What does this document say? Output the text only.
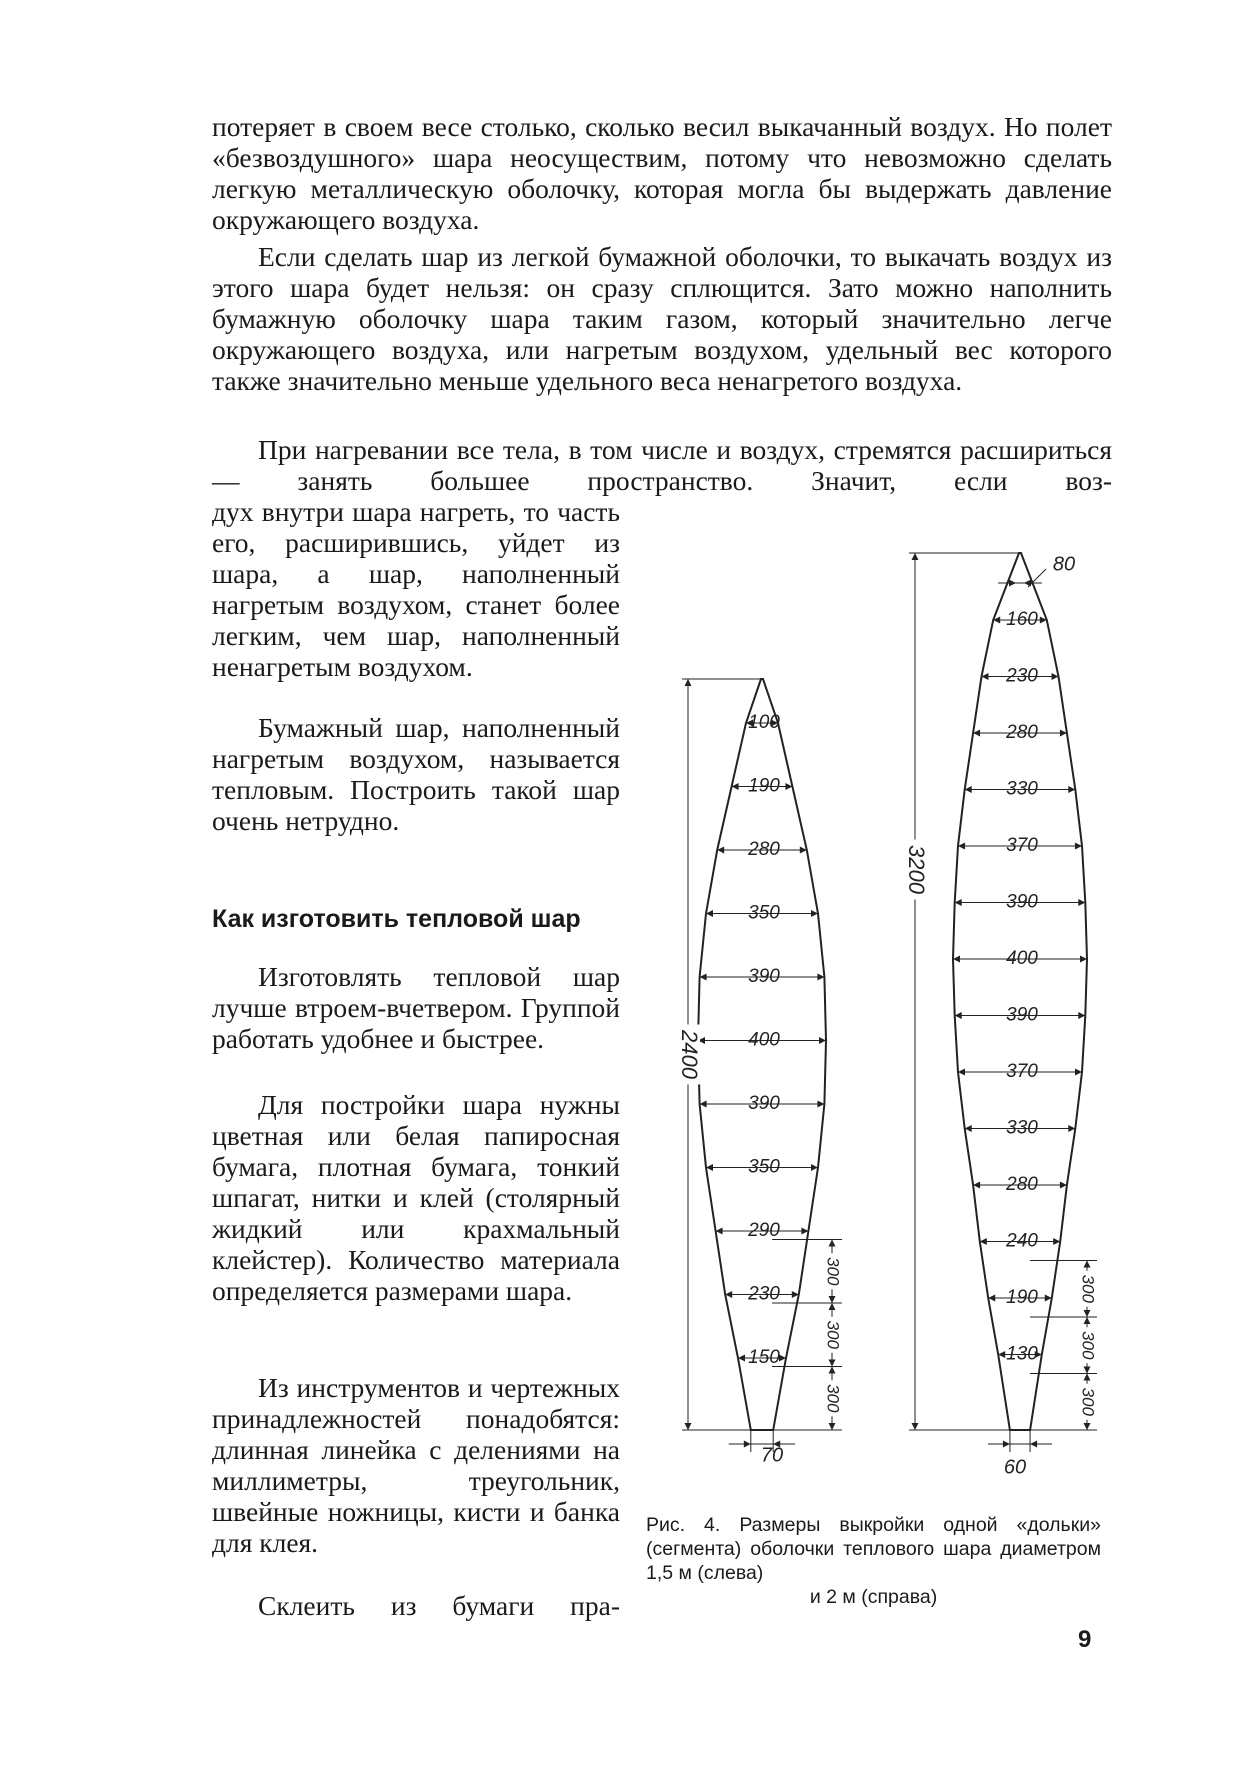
потеряет в своем весе столько, сколько весил выкачанный воздух. Но полет «безвоздушного» шара неосуществим, потому что невозможно сделать легкую металлическую оболочку, которая могла бы выдержать давление окружающего воздуха.

Если сделать шар из легкой бумажной оболочки, то выкачать воздух из этого шара будет нельзя: он сразу сплющится. Зато можно наполнить бумажную оболочку шара таким газом, который значительно легче окружающего воздуха, или нагретым воздухом, удельный вес которого также значительно меньше удельного веса ненагретого воздуха.

При нагревании все тела, в том числе и воздух, стремятся расшириться — занять большее пространство. Значит, если воз-

дух внутри шара нагреть, то часть его, расширившись, уйдет из шара, а шар, наполненный нагретым воздухом, станет более легким, чем шар, наполненный ненагретым воздухом.

Бумажный шар, наполненный нагретым воздухом, называется тепловым. Построить такой шар очень нетрудно.

Как изготовить тепловой шар

Изготовлять тепловой шар лучше втроем-вчетвером. Группой работать удобнее и быстрее.

Для постройки шара нужны цветная или белая папиросная бумага, плотная бумага, тонкий шпагат, нитки и клей (столярный жидкий или крахмальный клейстер). Количество материала определяется размерами шара.

Из инструментов и чертежных принадлежностей понадобятся: длинная линейка с делениями на миллиметры, треугольник, швейные ножницы, кисти и банка для клея.

Склеить из бумаги пра-

100
190
280
350
390
400
390
350
290
230
150
70
2400
300
300
300
160
230
280
330
370
390
400
390
370
330
280
240
190
130
80
60
3200
300
300
300

Рис. 4. Размеры выкройки одной «дольки» (сегмента) оболочки теплового шара диаметром 1,5 м (слева)
и 2 м (справа)

9
